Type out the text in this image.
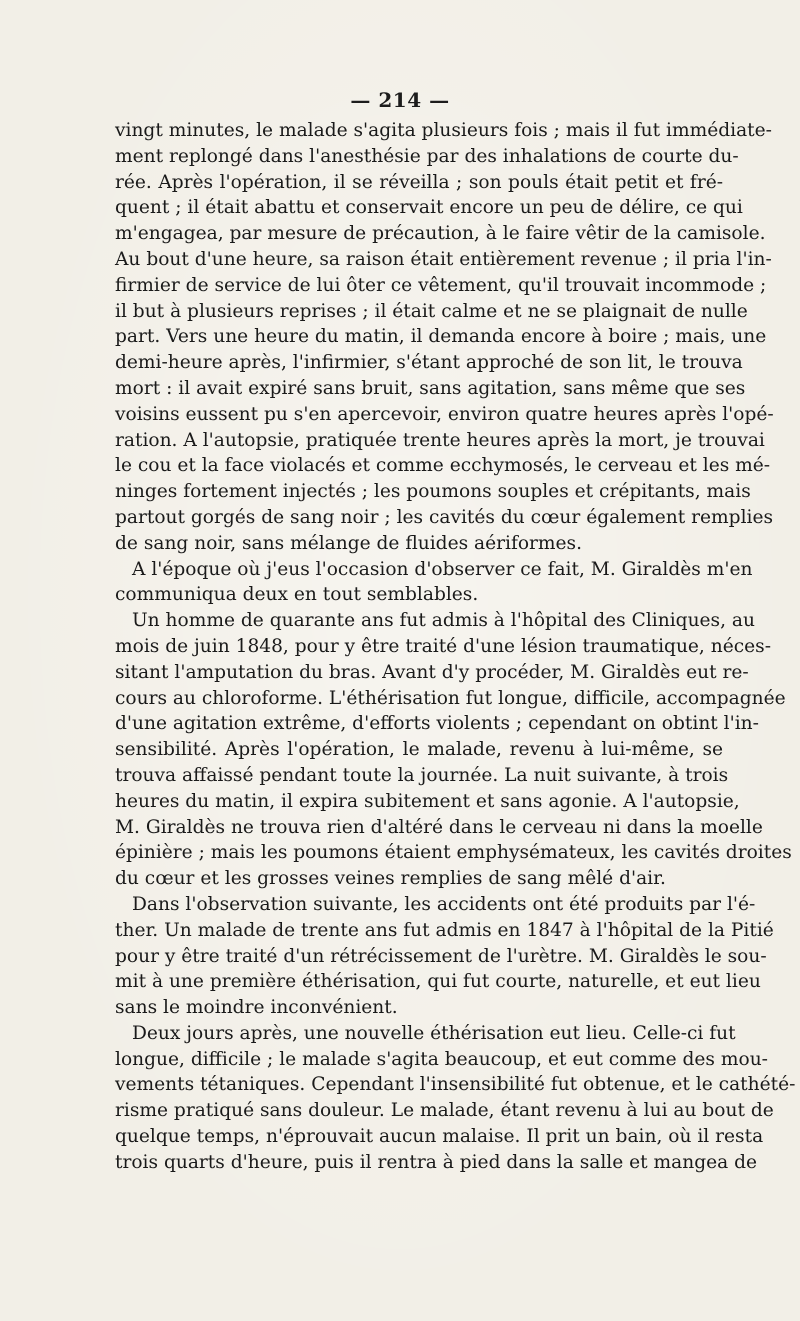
— 214 —
vingt minutes, le malade s'agita plusieurs fois ; mais il fut immédiate-
ment replongé dans l'anesthésie par des inhalations de courte du-
rée. Après l'opération, il se réveilla ; son pouls était petit et fré-
quent ; il était abattu et conservait encore un peu de délire, ce qui
m'engagea, par mesure de précaution, à le faire vêtir de la camisole.
Au bout d'une heure, sa raison était entièrement revenue ; il pria l'in-
firmier de service de lui ôter ce vêtement, qu'il trouvait incommode ;
il but à plusieurs reprises ; il était calme et ne se plaignait de nulle
part. Vers une heure du matin, il demanda encore à boire ; mais, une
demi-heure après, l'infirmier, s'étant approché de son lit, le trouva
mort : il avait expiré sans bruit, sans agitation, sans même que ses
voisins eussent pu s'en apercevoir, environ quatre heures après l'opé-
ration. A l'autopsie, pratiquée trente heures après la mort, je trouvai
le cou et la face violacés et comme ecchymosés, le cerveau et les mé-
ninges fortement injectés ; les poumons souples et crépitants, mais
partout gorgés de sang noir ; les cavités du cœur également remplies
de sang noir, sans mélange de fluides aériformes.
A l'époque où j'eus l'occasion d'observer ce fait, M. Giraldès m'en
communiqua deux en tout semblables.
Un homme de quarante ans fut admis à l'hôpital des Cliniques, au
mois de juin 1848, pour y être traité d'une lésion traumatique, néces-
sitant l'amputation du bras. Avant d'y procéder, M. Giraldès eut re-
cours au chloroforme. L'éthérisation fut longue, difficile, accompagnée
d'une agitation extrême, d'efforts violents ; cependant on obtint l'in-
sensibilité. Après l'opération, le malade, revenu à lui-même, se
trouva affaissé pendant toute la journée. La nuit suivante, à trois
heures du matin, il expira subitement et sans agonie. A l'autopsie,
M. Giraldès ne trouva rien d'altéré dans le cerveau ni dans la moelle
épinière ; mais les poumons étaient emphysémateux, les cavités droites
du cœur et les grosses veines remplies de sang mêlé d'air.
Dans l'observation suivante, les accidents ont été produits par l'é-
ther. Un malade de trente ans fut admis en 1847 à l'hôpital de la Pitié
pour y être traité d'un rétrécissement de l'urètre. M. Giraldès le sou-
mit à une première éthérisation, qui fut courte, naturelle, et eut lieu
sans le moindre inconvénient.
Deux jours après, une nouvelle éthérisation eut lieu. Celle-ci fut
longue, difficile ; le malade s'agita beaucoup, et eut comme des mou-
vements tétaniques. Cependant l'insensibilité fut obtenue, et le cathété-
risme pratiqué sans douleur. Le malade, étant revenu à lui au bout de
quelque temps, n'éprouvait aucun malaise. Il prit un bain, où il resta
trois quarts d'heure, puis il rentra à pied dans la salle et mangea de
